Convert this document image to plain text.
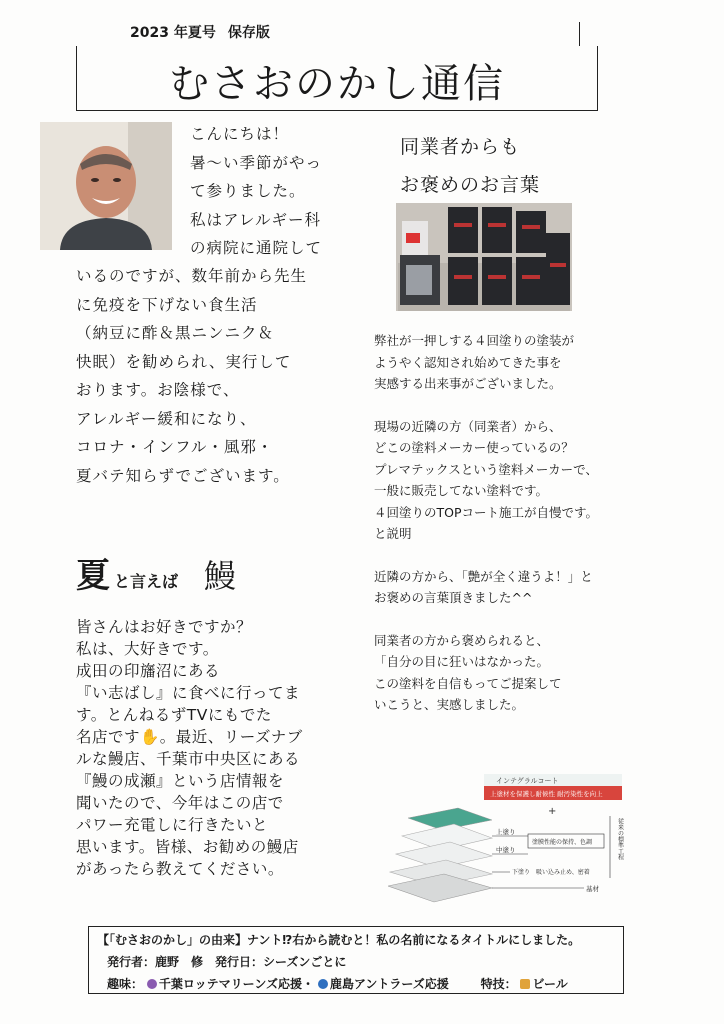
2023 年夏号 保存版
むさおのかし通信
こんにちは！
暑～い季節がやっ
て参りました。
私はアレルギー科
の病院に通院して
いるのですが、数年前から先生
に免疫を下げない食生活
（納豆に酢＆黒ニンニク＆
快眠）を勧められ、実行して
おります。お陰様で、
アレルギー緩和になり、
コロナ・インフル・風邪・
夏バテ知らずでございます。
夏と言えば 鰻
皆さんはお好きですか？
私は、大好きです。
成田の印旛沼にある
『い志ばし』に食べに行ってま
す。とんねるずTVにもでた
名店です✋。最近、リーズナブ
ルな鰻店、千葉市中央区にある
『鰻の成瀬』という店情報を
聞いたので、今年はこの店で
パワー充電しに行きたいと
思います。皆様、お勧めの鰻店
があったら教えてください。
同業者からも
お褒めのお言葉
弊社が一押しする４回塗りの塗装が
ようやく認知され始めてきた事を
実感する出来事がございました。
現場の近隣の方（同業者）から、
どこの塗料メーカー使っているの？
プレマテックスという塗料メーカーで、
一般に販売してない塗料です。
４回塗りのTOPコート施工が自慢です。
と説明
近隣の方から、「艶が全く違うよ！」と
お褒めの言葉頂きました^^
同業者の方から褒められると、
「自分の目に狂いはなかった。
この塗料を自信もってご提案して
いこうと、実感しました。
インテグラルコート
上塗材を保護し耐候性 耐汚染性を向上
+
上塗り
中塗り
塗膜性能の保持、色調
下塗り　吸い込み止め、密着
基材
従来の標準工程
【「むさおのかし」の由来】ナント⁉右から読むと！私の名前になるタイトルにしました。
発行者：鹿野　修　発行日：シーズンごとに
趣味： 千葉ロッテマリーンズ応援・ 鹿島アントラーズ応援	特技： ビール
